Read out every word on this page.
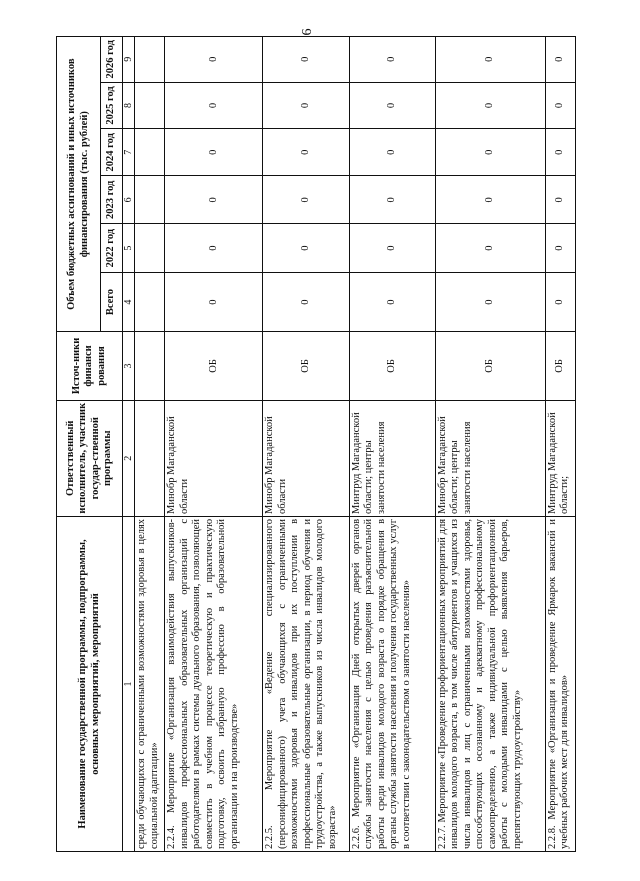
6
Наименование государственной программы, подпрограммы, основных мероприятий, мероприятий	Ответственный исполнитель, участник государ-ственной программы	Источ-ники финанси рования	Объем бюджетных ассигнований и иных источников финансирования (тыс. рублей)					
			Всего	2022 год	2023 год	2024 год	2025 год	2026 год
1	2	3	4	5	6	7	8	9
среди обучающихся с ограниченными возможностями здоровья в целях социальной адаптации»								
2.2.4. Мероприятие «Организация взаимодействия выпускников-инвалидов профессиональных образовательных организаций с работодателями в рамках системы дуального образования, позволяющей совместить в учебном процессе теоретическую и практическую подготовку, освоить избранную профессию в образовательной организации и на производстве»	Минобр Магаданской области	ОБ	0	0	0	0	0	0
2.2.5. Мероприятие «Ведение специализированного (персонифицированного) учета обучающихся с ограниченными возможностями здоровья и инвалидов при их поступлении в профессиональные образовательные организации, в период обучения и трудоустройства, а также выпускников из числа инвалидов молодого возраста»	Минобр Магаданской области	ОБ	0	0	0	0	0	0
2.2.6. Мероприятие «Организация Дней открытых дверей органов службы занятости населения с целью проведения разъяснительной работы среди инвалидов молодого возраста о порядке обращения в органы службы занятости населения и получения государственных услуг в соответствии с законодательством о занятости населения»	Минтруд Магаданской области; центры занятости населения	ОБ	0	0	0	0	0	0
2.2.7. Мероприятие «Проведение профориентационных мероприятий для инвалидов молодого возраста, в том числе абитуриентов и учащихся из числа инвалидов и лиц с ограниченными возможностями здоровья, способствующих осознанному и адекватному профессиональному самоопределению, а также индивидуальной профориентационной работы с молодыми инвалидами с целью выявления барьеров, препятствующих трудоустройству»	Минобр Магаданской области; центры занятости населения	ОБ	0	0	0	0	0	0
2.2.8. Мероприятие «Организация и проведение Ярмарок вакансий и учебных рабочих мест для инвалидов»	Минтруд Магаданской области;	ОБ	0	0	0	0	0	0
